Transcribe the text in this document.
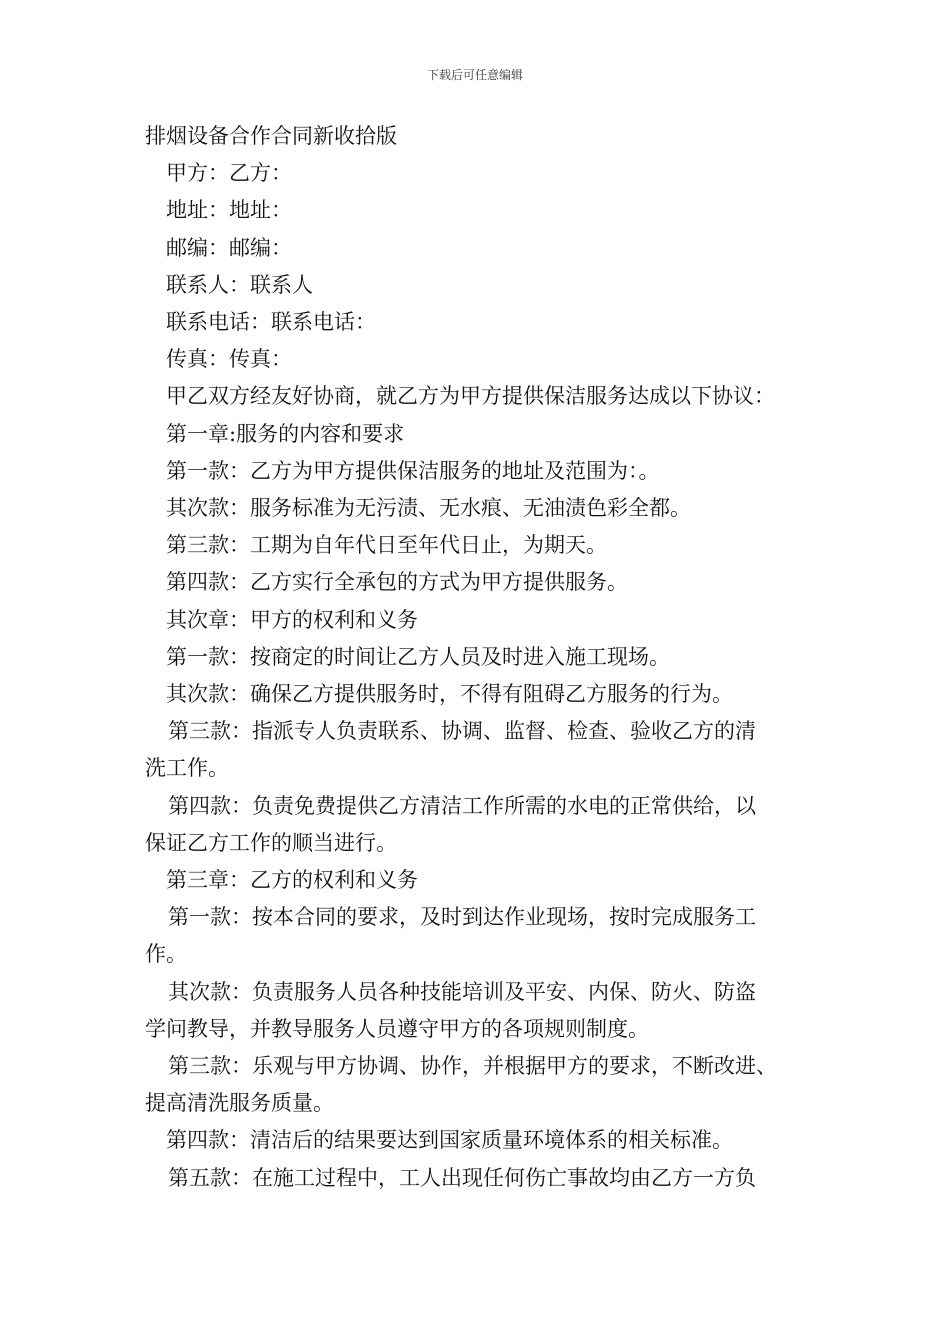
下载后可任意编辑
排烟设备合作合同新收拾版
甲方：乙方：
地址：地址：
邮编：邮编：
联系人：联系人
联系电话：联系电话：
传真：传真：
甲乙双方经友好协商，就乙方为甲方提供保洁服务达成以下协议：
第一章:服务的内容和要求
第一款：乙方为甲方提供保洁服务的地址及范围为：。
其次款：服务标准为无污渍、无水痕、无油渍色彩全都。
第三款：工期为自年代日至年代日止，为期天。
第四款：乙方实行全承包的方式为甲方提供服务。
其次章：甲方的权利和义务
第一款：按商定的时间让乙方人员及时进入施工现场。
其次款：确保乙方提供服务时，不得有阻碍乙方服务的行为。
第三款：指派专人负责联系、协调、监督、检查、验收乙方的清
洗工作。
第四款：负责免费提供乙方清洁工作所需的水电的正常供给，以
保证乙方工作的顺当进行。
第三章：乙方的权利和义务
第一款：按本合同的要求，及时到达作业现场，按时完成服务工
作。
其次款：负责服务人员各种技能培训及平安、内保、防火、防盗
学问教导，并教导服务人员遵守甲方的各项规则制度。
第三款：乐观与甲方协调、协作，并根据甲方的要求，不断改进、
提高清洗服务质量。
第四款：清洁后的结果要达到国家质量环境体系的相关标准。
第五款：在施工过程中，工人出现任何伤亡事故均由乙方一方负
